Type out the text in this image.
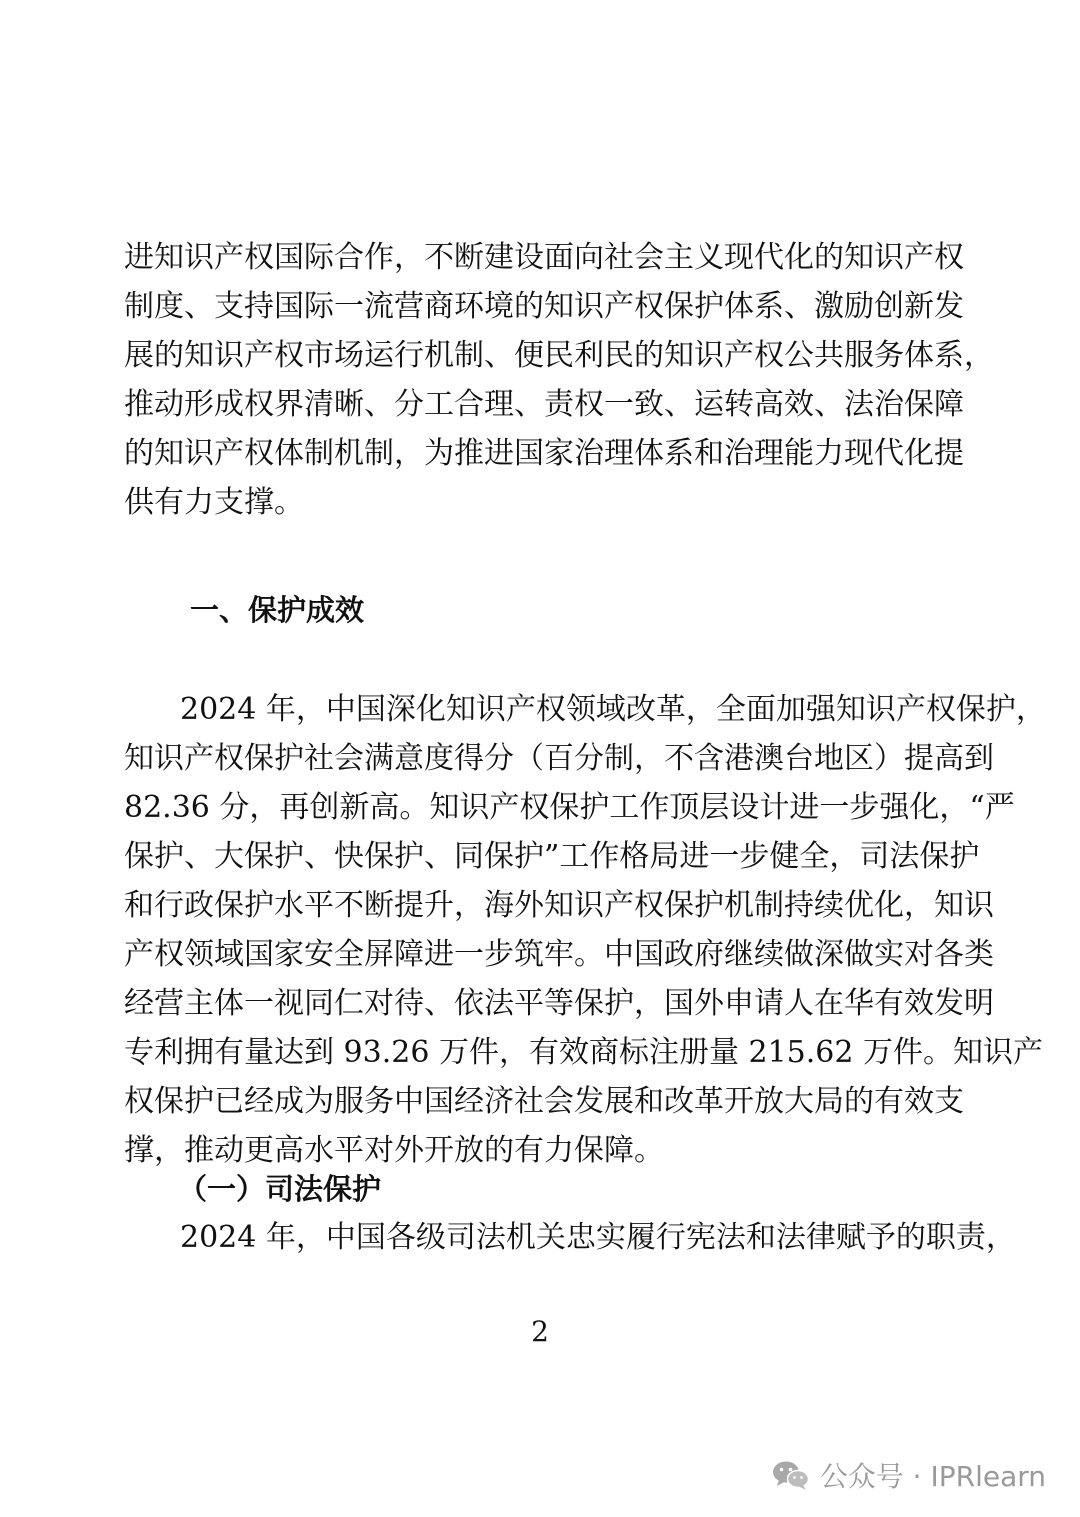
进知识产权国际合作，不断建设面向社会主义现代化的知识产权
制度、支持国际一流营商环境的知识产权保护体系、激励创新发
展的知识产权市场运行机制、便民利民的知识产权公共服务体系，
推动形成权界清晰、分工合理、责权一致、运转高效、法治保障
的知识产权体制机制，为推进国家治理体系和治理能力现代化提
供有力支撑。
一、保护成效
2024 年，中国深化知识产权领域改革，全面加强知识产权保护，
知识产权保护社会满意度得分（百分制，不含港澳台地区）提高到
82.36 分，再创新高。知识产权保护工作顶层设计进一步强化，“严
保护、大保护、快保护、同保护”工作格局进一步健全，司法保护
和行政保护水平不断提升，海外知识产权保护机制持续优化，知识
产权领域国家安全屏障进一步筑牢。中国政府继续做深做实对各类
经营主体一视同仁对待、依法平等保护，国外申请人在华有效发明
专利拥有量达到 93.26 万件，有效商标注册量 215.62 万件。知识产
权保护已经成为服务中国经济社会发展和改革开放大局的有效支
撑，推动更高水平对外开放的有力保障。
（一）司法保护
2024 年，中国各级司法机关忠实履行宪法和法律赋予的职责，
2
公众号 · IPRlearn
